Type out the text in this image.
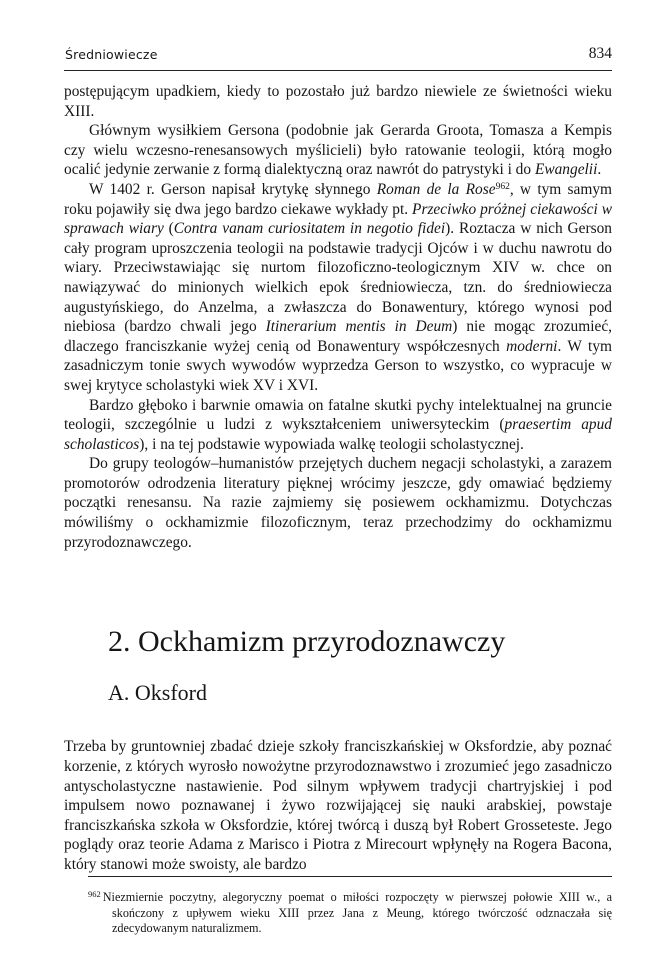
Średniowiecze	834

postępującym upadkiem, kiedy to pozostało już bardzo niewiele ze świetności wieku XIII.

Głównym wysiłkiem Gersona (podobnie jak Gerarda Groota, Tomasza a Kempis czy wielu wczesno-renesansowych myślicieli) było ratowanie teologii, którą mogło ocalić jedynie zerwanie z formą dialektyczną oraz nawrót do patrystyki i do Ewangelii.

W 1402 r. Gerson napisał krytykę słynnego Roman de la Rose$^{962}$, w tym samym roku pojawiły się dwa jego bardzo ciekawe wykłady pt. Przeciwko próżnej ciekawości w sprawach wiary (Contra vanam curiositatem in negotio fidei). Roztacza w nich Gerson cały program uproszczenia teologii na podstawie tradycji Ojców i w duchu nawrotu do wiary. Przeciwstawiając się nurtom filozoficzno-teologicznym XIV w. chce on nawiązywać do minionych wielkich epok średniowiecza, tzn. do średniowiecza augustyńskiego, do Anzelma, a zwłaszcza do Bonawentury, którego wynosi pod niebiosa (bardzo chwali jego Itinerarium mentis in Deum) nie mogąc zrozumieć, dlaczego franciszkanie wyżej cenią od Bonawentury współczesnych moderni. W tym zasadniczym tonie swych wywodów wyprzedza Gerson to wszystko, co wypracuje w swej krytyce scholastyki wiek XV i XVI.

Bardzo głęboko i barwnie omawia on fatalne skutki pychy intelektualnej na gruncie teologii, szczególnie u ludzi z wykształceniem uniwersyteckim (praesertim apud scholasticos), i na tej podstawie wypowiada walkę teologii scholastycznej.

Do grupy teologów–humanistów przejętych duchem negacji scholastyki, a zarazem promotorów odrodzenia literatury pięknej wrócimy jeszcze, gdy omawiać będziemy początki renesansu. Na razie zajmiemy się posiewem ockhamizmu. Dotychczas mówiliśmy o ockhamizmie filozoficznym, teraz przechodzimy do ockhamizmu przyrodoznawczego.

2. Ockhamizm przyrodoznawczy
A. Oksford

Trzeba by gruntowniej zbadać dzieje szkoły franciszkańskiej w Oksfordzie, aby poznać korzenie, z których wyrosło nowożytne przyrodoznawstwo i zrozumieć jego zasadniczo antyscholastyczne nastawienie. Pod silnym wpływem tradycji chartryjskiej i pod impulsem nowo poznawanej i żywo rozwijającej się nauki arabskiej, powstaje franciszkańska szkoła w Oksfordzie, której twórcą i duszą był Robert Grosseteste. Jego poglądy oraz teorie Adama z Marisco i Piotra z Mirecourt wpłynęły na Rogera Bacona, który stanowi może swoisty, ale bardzo

$^{962}$ Niezmiernie poczytny, alegoryczny poemat o miłości rozpoczęty w pierwszej połowie XIII w., a skończony z upływem wieku XIII przez Jana z Meung, którego twórczość odznaczała się zdecydowanym naturalizmem.
